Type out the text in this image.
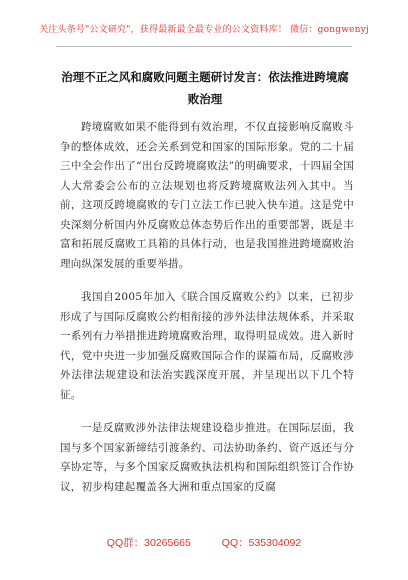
关注头条号"公文研究"，获得最新最全最专业的公文资料库！ 微信：gongwenyj
治理不正之风和腐败问题主题研讨发言：依法推进跨境腐败治理

跨境腐败如果不能得到有效治理，不仅直接影响反腐败斗争的整体成效，还会关系到党和国家的国际形象。党的二十届三中全会作出了“出台反跨境腐败法”的明确要求，十四届全国人大常委会公布的立法规划也将反跨境腐败法列入其中。当前，这项反跨境腐败的专门立法工作已驶入快车道。这是党中央深刻分析国内外反腐败总体态势后作出的重要部署，既是丰富和拓展反腐败工具箱的具体行动，也是我国推进跨境腐败治理向纵深发展的重要举措。

我国自2005年加入《联合国反腐败公约》以来，已初步形成了与国际反腐败公约相衔接的涉外法律法规体系，并采取一系列有力举措推进跨境腐败治理，取得明显成效。进入新时代，党中央进一步加强反腐败国际合作的谋篇布局，反腐败涉外法律法规建设和法治实践深度开展，并呈现出以下几个特征。

一是反腐败涉外法律法规建设稳步推进。在国际层面，我国与多个国家新缔结引渡条约、司法协助条约、资产返还与分享协定等，与多个国家反腐败执法机构和国际组织签订合作协议，初步构建起覆盖各大洲和重点国家的反腐

QQ群：30265665	QQ：535304092
